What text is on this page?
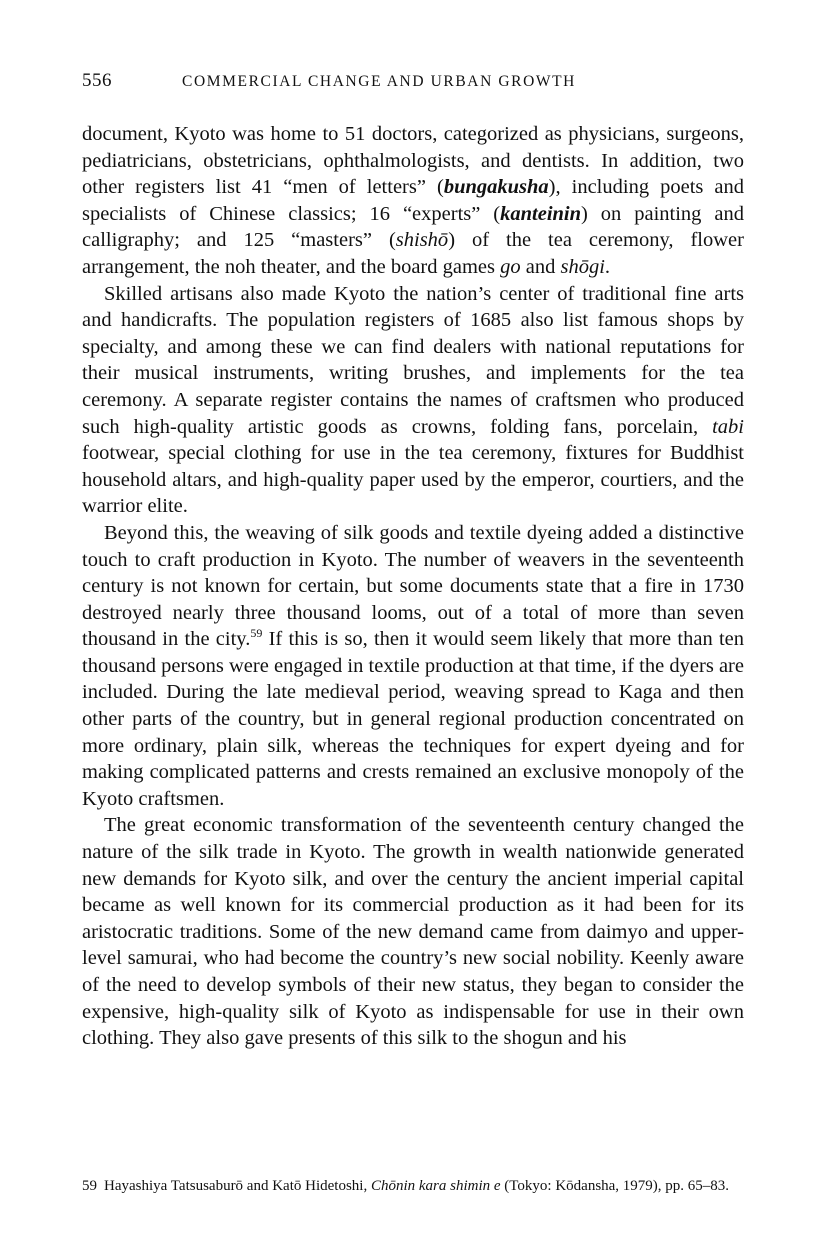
556	COMMERCIAL CHANGE AND URBAN GROWTH

document, Kyoto was home to 51 doctors, categorized as physicians, surgeons, pediatricians, obstetricians, ophthalmologists, and dentists. In addition, two other registers list 41 “men of letters” (bungakusha), including poets and specialists of Chinese classics; 16 “experts” (kanteinin) on painting and calligraphy; and 125 “masters” (shishō) of the tea ceremony, flower arrangement, the noh theater, and the board games go and shōgi.

Skilled artisans also made Kyoto the nation’s center of traditional fine arts and handicrafts. The population registers of 1685 also list famous shops by specialty, and among these we can find dealers with national reputations for their musical instruments, writing brushes, and implements for the tea ceremony. A separate register contains the names of craftsmen who produced such high-quality artistic goods as crowns, folding fans, porcelain, tabi footwear, special clothing for use in the tea ceremony, fixtures for Buddhist household altars, and high-quality paper used by the emperor, courtiers, and the warrior elite.

Beyond this, the weaving of silk goods and textile dyeing added a distinctive touch to craft production in Kyoto. The number of weavers in the seventeenth century is not known for certain, but some documents state that a fire in 1730 destroyed nearly three thousand looms, out of a total of more than seven thousand in the city.$^{59}$ If this is so, then it would seem likely that more than ten thousand persons were engaged in textile production at that time, if the dyers are included. During the late medieval period, weaving spread to Kaga and then other parts of the country, but in general regional production concentrated on more ordinary, plain silk, whereas the techniques for expert dyeing and for making complicated patterns and crests remained an exclusive monopoly of the Kyoto craftsmen.

The great economic transformation of the seventeenth century changed the nature of the silk trade in Kyoto. The growth in wealth nationwide generated new demands for Kyoto silk, and over the century the ancient imperial capital became as well known for its commercial production as it had been for its aristocratic traditions. Some of the new demand came from daimyo and upper-level samurai, who had become the country’s new social nobility. Keenly aware of the need to develop symbols of their new status, they began to consider the expensive, high-quality silk of Kyoto as indispensable for use in their own clothing. They also gave presents of this silk to the shogun and his

59 Hayashiya Tatsusaburō and Katō Hidetoshi, Chōnin kara shimin e (Tokyo: Kōdansha, 1979), pp. 65–83.
